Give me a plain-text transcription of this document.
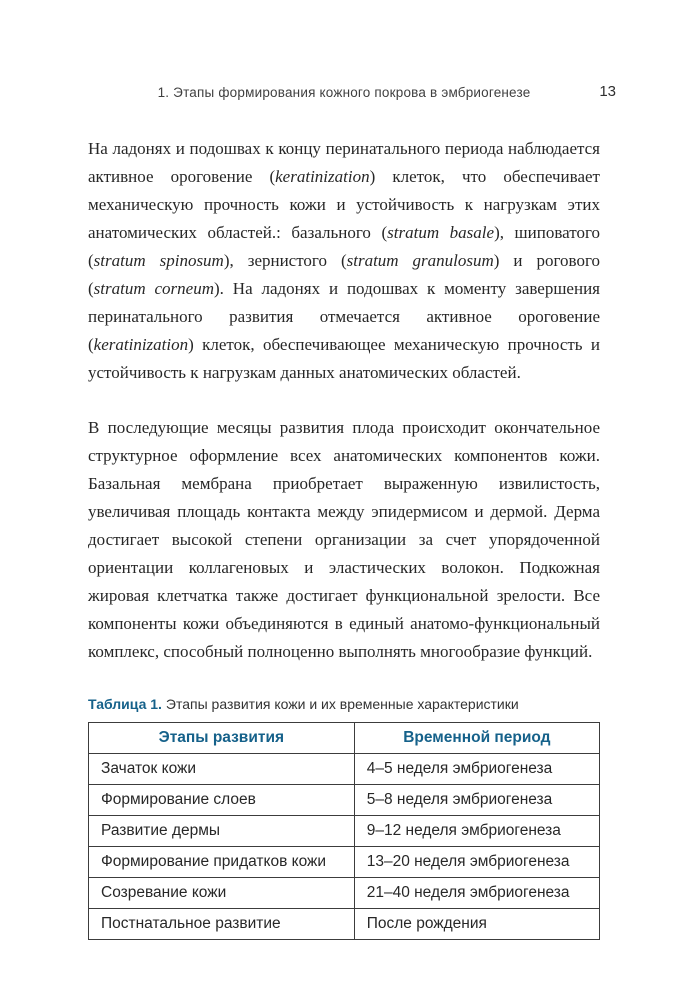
1. Этапы формирования кожного покрова в эмбриогенезе	13

На ладонях и подошвах к концу перинатального периода наблюдается активное ороговение (keratinization) клеток, что обеспечивает механическую прочность кожи и устойчивость к нагрузкам этих анатомических областей.: базального (stratum basale), шиповатого (stratum spinosum), зернистого (stratum granulosum) и рогового (stratum corneum). На ладонях и подошвах к моменту завершения перинатального развития отмечается активное ороговение (keratinization) клеток, обеспечивающее механическую прочность и устойчивость к нагрузкам данных анатомических областей.

В последующие месяцы развития плода происходит окончательное структурное оформление всех анатомических компонентов кожи. Базальная мембрана приобретает выраженную извилистость, увеличивая площадь контакта между эпидермисом и дермой. Дерма достигает высокой степени организации за счет упорядоченной ориентации коллагеновых и эластических волокон. Подкожная жировая клетчатка также достигает функциональной зрелости. Все компоненты кожи объединяются в единый анатомо-функциональный комплекс, способный полноценно выполнять многообразие функций.

Таблица 1. Этапы развития кожи и их временные характеристики

Этапы развития	Временной период
Зачаток кожи	4–5 неделя эмбриогенеза
Формирование слоев	5–8 неделя эмбриогенеза
Развитие дермы	9–12 неделя эмбриогенеза
Формирование придатков кожи	13–20 неделя эмбриогенеза
Созревание кожи	21–40 неделя эмбриогенеза
Постнатальное развитие	После рождения
